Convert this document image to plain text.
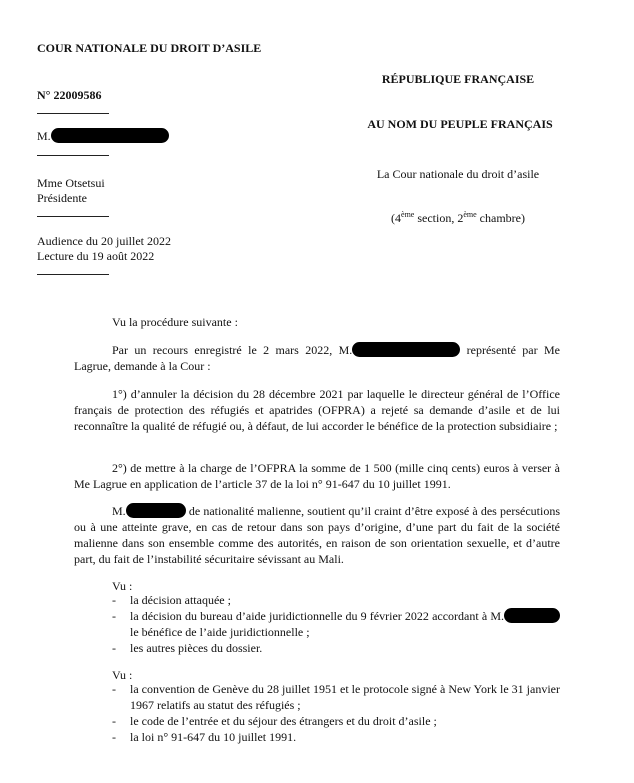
COUR NATIONALE DU DROIT D’ASILE
N° 22009586
M.
Mme Otsetsui
Présidente
Audience du 20 juillet 2022
Lecture du 19 août 2022
RÉPUBLIQUE FRANÇAISE
AU NOM DU PEUPLE FRANÇAIS
La Cour nationale du droit d’asile
(4ème section, 2ème chambre)
Vu la procédure suivante :
Par un recours enregistré le 2 mars 2022, M.	représenté par Me Lagrue, demande à la Cour :
1°) d’annuler la décision du 28 décembre 2021 par laquelle le directeur général de l’Office français de protection des réfugiés et apatrides (OFPRA) a rejeté sa demande d’asile et de lui reconnaître la qualité de réfugié ou, à défaut, de lui accorder le bénéfice de la protection subsidiaire ;
2°) de mettre à la charge de l’OFPRA la somme de 1 500 (mille cinq cents) euros à verser à Me Lagrue en application de l’article 37 de la loi n° 91-647 du 10 juillet 1991.
M.	de nationalité malienne, soutient qu’il craint d’être exposé à des persécutions ou à une atteinte grave, en cas de retour dans son pays d’origine, d’une part du fait de la société malienne dans son ensemble comme des autorités, en raison de son orientation sexuelle, et d’autre part, du fait de l’instabilité sécuritaire sévissant au Mali.
Vu :
- la décision attaquée ;
- la décision du bureau d’aide juridictionnelle du 9 février 2022 accordant à M. le bénéfice de l’aide juridictionnelle ;
- les autres pièces du dossier.
Vu :
- la convention de Genève du 28 juillet 1951 et le protocole signé à New York le 31 janvier 1967 relatifs au statut des réfugiés ;
- le code de l’entrée et du séjour des étrangers et du droit d’asile ;
- la loi n° 91-647 du 10 juillet 1991.
